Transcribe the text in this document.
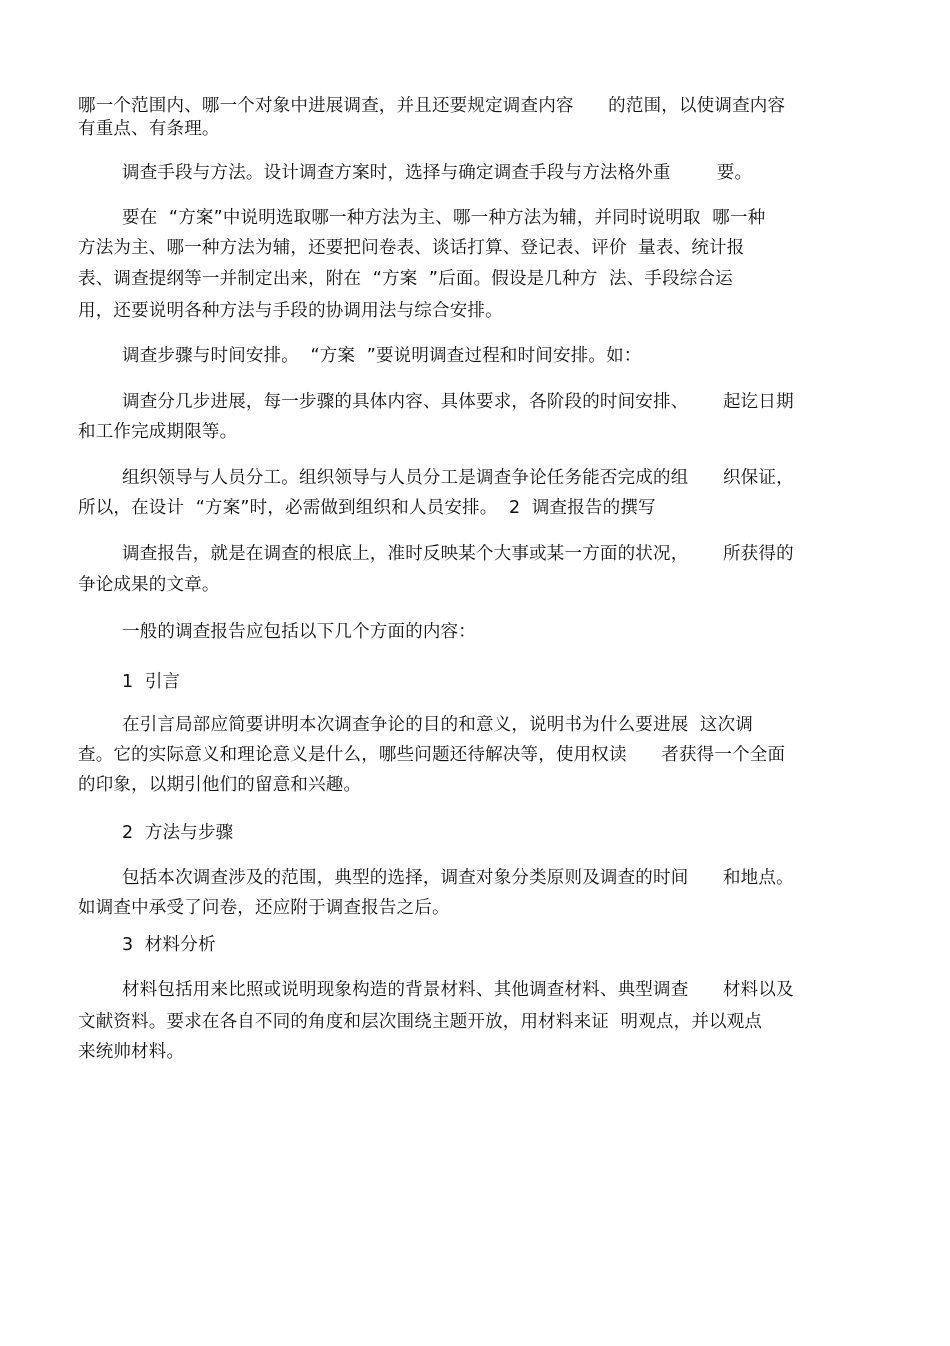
哪一个范围内、哪一个对象中进展调查，并且还要规定调查内容      的范围，以使调查内容

有重点、有条理。

调查手段与方法。设计调查方案时，选择与确定调查手段与方法格外重        要。

要在  “方案”中说明选取哪一种方法为主、哪一种方法为辅，并同时说明取  哪一种

方法为主、哪一种方法为辅，还要把问卷表、谈话打算、登记表、评价  量表、统计报

表、调查提纲等一并制定出来，附在  “方案  ”后面。假设是几种方  法、手段综合运

用，还要说明各种方法与手段的协调用法与综合安排。

调查步骤与时间安排。  “方案  ”要说明调查过程和时间安排。如：

调查分几步进展，每一步骤的具体内容、具体要求，各阶段的时间安排、      起讫日期

和工作完成期限等。

组织领导与人员分工。组织领导与人员分工是调查争论任务能否完成的组      织保证，

所以，在设计  “方案”时，必需做到组织和人员安排。  2  调查报告的撰写

调查报告，就是在调查的根底上，准时反映某个大事或某一方面的状况，      所获得的

争论成果的文章。

一般的调查报告应包括以下几个方面的内容：

1  引言

在引言局部应简要讲明本次调查争论的目的和意义，说明书为什么要进展  这次调

查。它的实际意义和理论意义是什么，哪些问题还待解决等，使用权读      者获得一个全面

的印象，以期引他们的留意和兴趣。

2  方法与步骤

包括本次调查涉及的范围，典型的选择，调查对象分类原则及调查的时间      和地点。

如调查中承受了问卷，还应附于调查报告之后。

3  材料分析

材料包括用来比照或说明现象构造的背景材料、其他调查材料、典型调查      材料以及

文献资料。要求在各自不同的角度和层次围绕主题开放，用材料来证  明观点，并以观点

来统帅材料。
